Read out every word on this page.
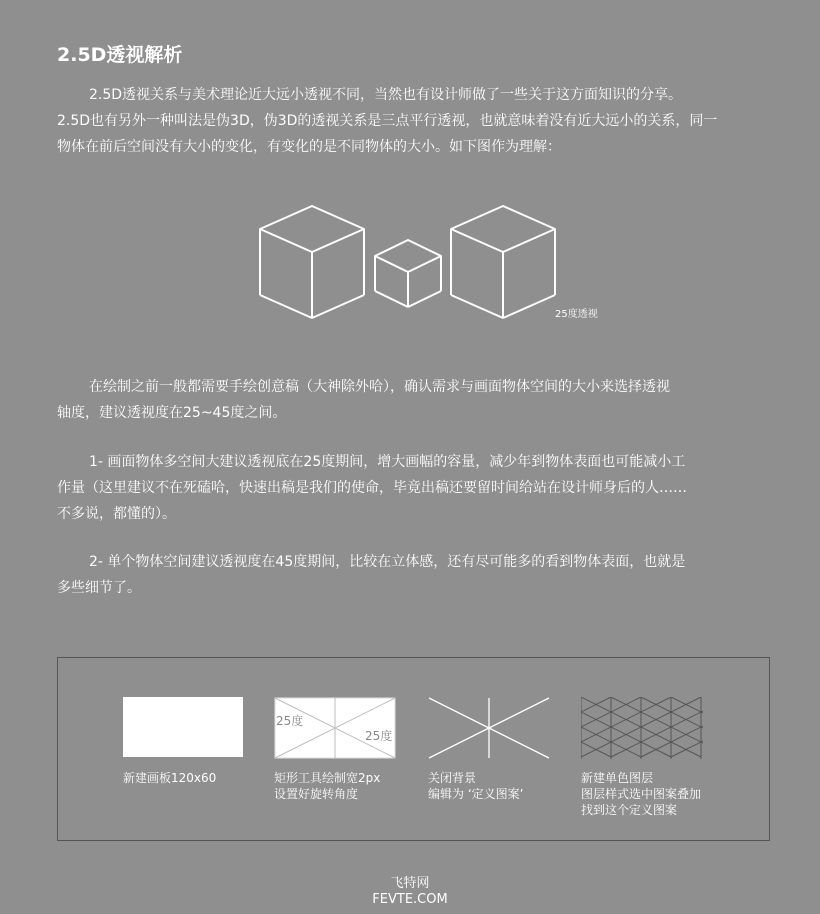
2.5D透视解析
2.5D透视关系与美术理论近大远小透视不同，当然也有设计师做了一些关于这方面知识的分享。
2.5D也有另外一种叫法是伪3D，伪3D的透视关系是三点平行透视，也就意味着没有近大远小的关系，同一
物体在前后空间没有大小的变化，有变化的是不同物体的大小。如下图作为理解：
25度透视
在绘制之前一般都需要手绘创意稿（大神除外哈），确认需求与画面物体空间的大小来选择透视
轴度，建议透视度在25~45度之间。
1- 画面物体多空间大建议透视底在25度期间，增大画幅的容量，减少年到物体表面也可能减小工
作量（这里建议不在死磕哈，快速出稿是我们的使命，毕竟出稿还要留时间给站在设计师身后的人……
不多说，都懂的）。
2- 单个物体空间建议透视度在45度期间，比较在立体感，还有尽可能多的看到物体表面，也就是
多些细节了。
新建画板120x60
25度
25度
矩形工具绘制宽2px
设置好旋转角度
关闭背景
编辑为 ‘定义图案’
新建单色图层
图层样式选中图案叠加
找到这个定义图案
飞特网
FEVTE.COM
